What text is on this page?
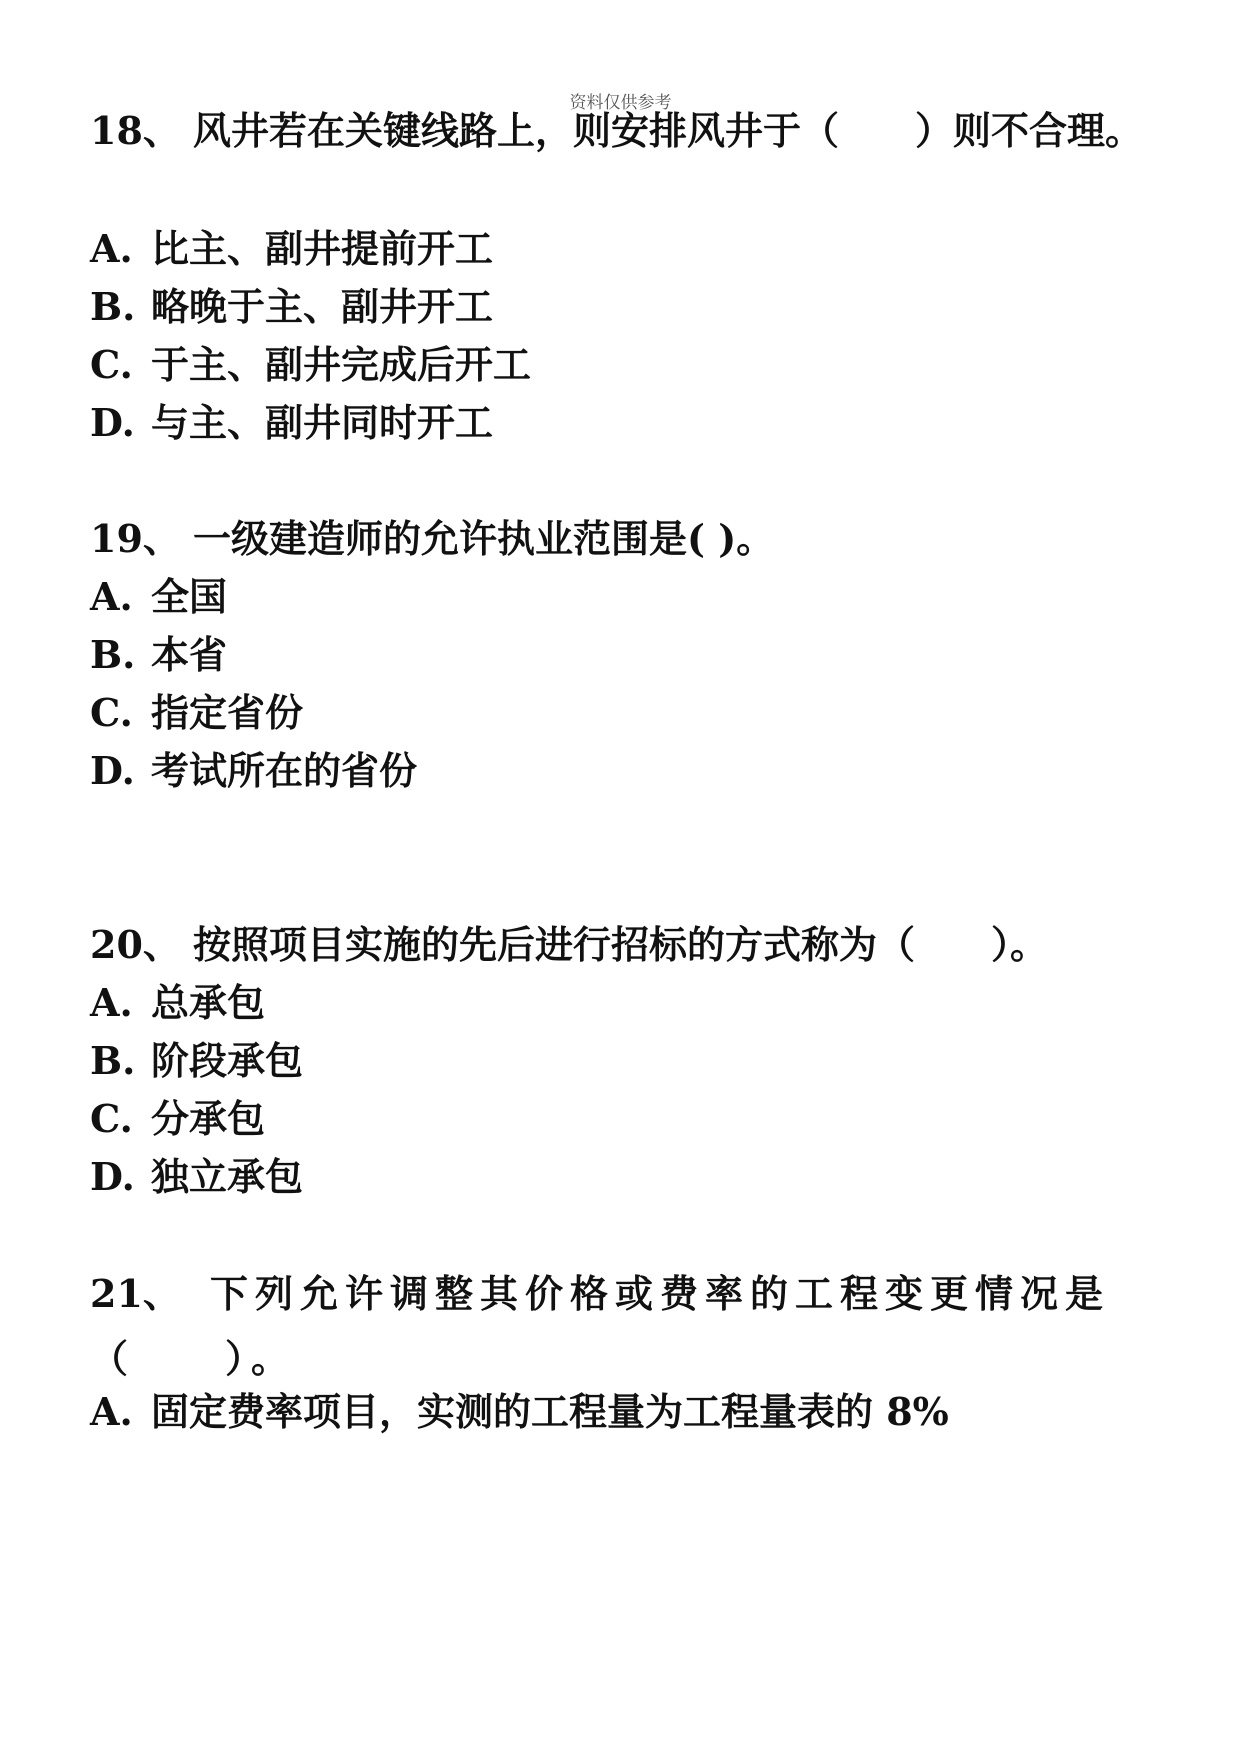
资料仅供参考
18、 风井若在关键线路上，则安排风井于（　　）则不合理。
A. 比主、副井提前开工
B. 略晚于主、副井开工
C. 于主、副井完成后开工
D. 与主、副井同时开工
19、 一级建造师的允许执业范围是( )。
A. 全国
B. 本省
C. 指定省份
D. 考试所在的省份
20、 按照项目实施的先后进行招标的方式称为（　　）。
A. 总承包
B. 阶段承包
C. 分承包
D. 独立承包
21、 下列允许调整其价格或费率的工程变更情况是（　　）。
A. 固定费率项目，实测的工程量为工程量表的 8%
